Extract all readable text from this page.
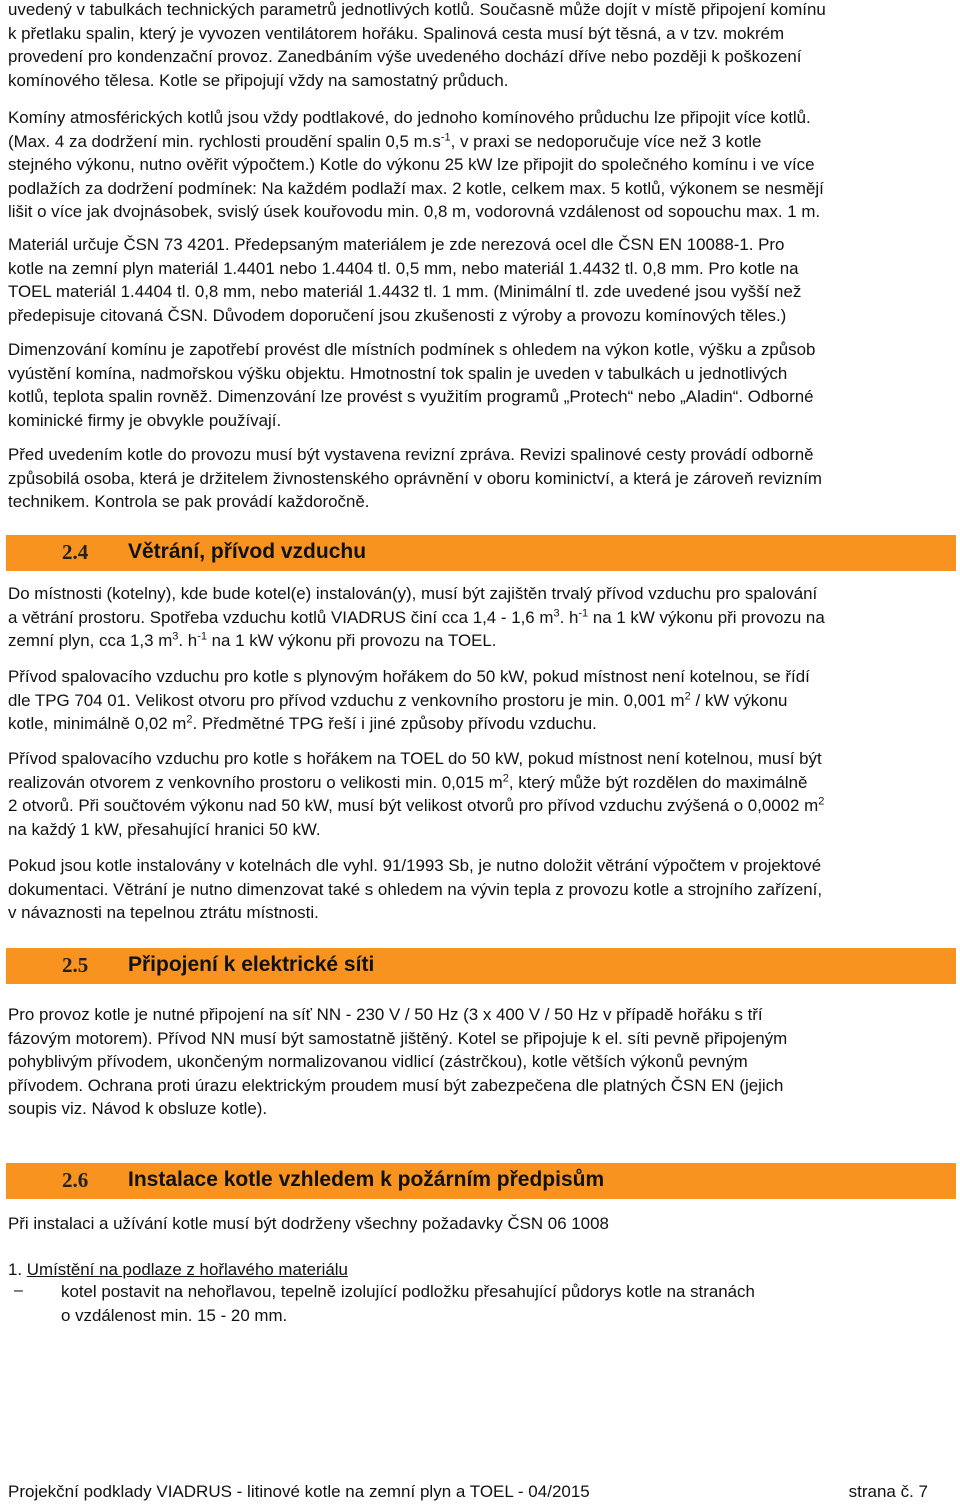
uvedený v tabulkách technických parametrů jednotlivých kotlů. Současně může dojít v místě připojení komínu
k přetlaku spalin, který je vyvozen ventilátorem hořáku. Spalinová cesta musí být těsná, a v tzv. mokrém
provedení pro kondenzační provoz. Zanedbáním výše uvedeného dochází dříve nebo později k poškození
komínového tělesa. Kotle se připojují vždy na samostatný průduch.
Komíny atmosférických kotlů jsou vždy podtlakové, do jednoho komínového průduchu lze připojit více kotlů.
(Max. 4 za dodržení min. rychlosti proudění spalin 0,5 $m.s^{-1}$, v praxi se nedoporučuje více než 3 kotle
stejného výkonu, nutno ověřit výpočtem.) Kotle do výkonu 25 kW lze připojit do společného komínu i ve více
podlažích za dodržení podmínek: Na každém podlaží max. 2 kotle, celkem max. 5 kotlů, výkonem se nesmějí
lišit o více jak dvojnásobek, svislý úsek kouřovodu min. 0,8 m, vodorovná vzdálenost od sopouchu max. 1 m.
Materiál určuje ČSN 73 4201. Předepsaným materiálem je zde nerezová ocel dle ČSN EN 10088-1. Pro
kotle na zemní plyn materiál 1.4401 nebo 1.4404 tl. 0,5 mm, nebo materiál 1.4432 tl. 0,8 mm. Pro kotle na
TOEL materiál 1.4404 tl. 0,8 mm, nebo materiál 1.4432 tl. 1 mm. (Minimální tl. zde uvedené jsou vyšší než
předepisuje citovaná ČSN. Důvodem doporučení jsou zkušenosti z výroby a provozu komínových těles.)
Dimenzování komínu je zapotřebí provést dle místních podmínek s ohledem na výkon kotle, výšku a způsob
vyústění komína, nadmořskou výšku objektu. Hmotnostní tok spalin je uveden v tabulkách u jednotlivých
kotlů, teplota spalin rovněž. Dimenzování lze provést s využitím programů „Protech“ nebo „Aladin“. Odborné
kominické firmy je obvykle používají.
Před uvedením kotle do provozu musí být vystavena revizní zpráva. Revizi spalinové cesty provádí odborně
způsobilá osoba, která je držitelem živnostenského oprávnění v oboru kominictví, a která je zároveň revizním
technikem. Kontrola se pak provádí každoročně.
2.4 Větrání, přívod vzduchu
Do místnosti (kotelny), kde bude kotel(e) instalován(y), musí být zajištěn trvalý přívod vzduchu pro spalování
a větrání prostoru. Spotřeba vzduchu kotlů VIADRUS činí cca 1,4 - 1,6 $m^3$. $h^{-1}$ na 1 kW výkonu při provozu na
zemní plyn, cca 1,3 $m^3$. $h^{-1}$ na 1 kW výkonu při provozu na TOEL.
Přívod spalovacího vzduchu pro kotle s plynovým hořákem do 50 kW, pokud místnost není kotelnou, se řídí
dle TPG 704 01. Velikost otvoru pro přívod vzduchu z venkovního prostoru je min. 0,001 $m^2$ / kW výkonu
kotle, minimálně 0,02 $m^2$. Předmětné TPG řeší i jiné způsoby přívodu vzduchu.
Přívod spalovacího vzduchu pro kotle s hořákem na TOEL do 50 kW, pokud místnost není kotelnou, musí být
realizován otvorem z venkovního prostoru o velikosti min. 0,015 $m^2$, který může být rozdělen do maximálně
2 otvorů. Při součtovém výkonu nad 50 kW, musí být velikost otvorů pro přívod vzduchu zvýšená o 0,0002 $m^2$
na každý 1 kW, přesahující hranici 50 kW.
Pokud jsou kotle instalovány v kotelnách dle vyhl. 91/1993 Sb, je nutno doložit větrání výpočtem v projektové
dokumentaci. Větrání je nutno dimenzovat také s ohledem na vývin tepla z provozu kotle a strojního zařízení,
v návaznosti na tepelnou ztrátu místnosti.
2.5 Připojení k elektrické síti
Pro provoz kotle je nutné připojení na síť NN - 230 V / 50 Hz (3 x 400 V / 50 Hz v případě hořáku s tří
fázovým motorem). Přívod NN musí být samostatně jištěný. Kotel se připojuje k el. síti pevně připojeným
pohyblivým přívodem, ukončeným normalizovanou vidlicí (zástrčkou), kotle větších výkonů pevným
přívodem. Ochrana proti úrazu elektrickým proudem musí být zabezpečena dle platných ČSN EN (jejich
soupis viz. Návod k obsluze kotle).
2.6 Instalace kotle vzhledem k požárním předpisům
Při instalaci a užívání kotle musí být dodrženy všechny požadavky ČSN 06 1008
1. Umístění na podlaze z hořlavého materiálu
– kotel postavit na nehořlavou, tepelně izolující podložku přesahující půdorys kotle na stranách
o vzdálenost min. 15 - 20 mm.
Projekční podklady VIADRUS - litinové kotle na zemní plyn a TOEL - 04/2015	strana č. 7
